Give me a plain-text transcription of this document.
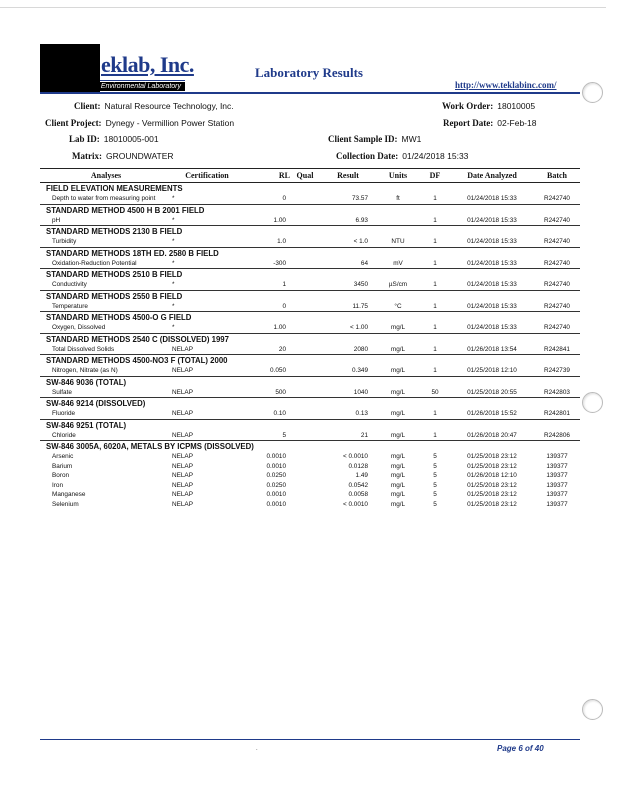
eklab, Inc.
Environmental Laboratory
Laboratory Results
http://www.teklabinc.com/
Client: Natural Resource Technology, Inc.
Client Project: Dynegy - Vermillion Power Station
Lab ID: 18010005-001
Matrix: GROUNDWATER
Work Order: 18010005
Report Date: 02-Feb-18
Client Sample ID: MW1
Collection Date: 01/24/2018 15:33
Analyses	Certification	RL	Qual	Result	Units	DF	Date Analyzed	Batch
FIELD ELEVATION MEASUREMENTS								
Depth to water from measuring point	*	0		73.57	ft	1	01/24/2018 15:33	R242740
STANDARD METHOD 4500 H B 2001 FIELD								
pH	*	1.00		6.93		1	01/24/2018 15:33	R242740
STANDARD METHODS 2130 B FIELD								
Turbidity	*	1.0		< 1.0	NTU	1	01/24/2018 15:33	R242740
STANDARD METHODS 18TH ED. 2580 B FIELD								
Oxidation-Reduction Potential	*	-300		64	mV	1	01/24/2018 15:33	R242740
STANDARD METHODS 2510 B FIELD								
Conductivity	*	1		3450	µS/cm	1	01/24/2018 15:33	R242740
STANDARD METHODS 2550 B FIELD								
Temperature	*	0		11.75	°C	1	01/24/2018 15:33	R242740
STANDARD METHODS 4500-O G FIELD								
Oxygen, Dissolved	*	1.00		< 1.00	mg/L	1	01/24/2018 15:33	R242740
STANDARD METHODS 2540 C (DISSOLVED) 1997								
Total Dissolved Solids	NELAP	20		2080	mg/L	1	01/26/2018 13:54	R242841
STANDARD METHODS 4500-NO3 F (TOTAL) 2000								
Nitrogen, Nitrate (as N)	NELAP	0.050		0.349	mg/L	1	01/25/2018 12:10	R242739
SW-846 9036 (TOTAL)								
Sulfate	NELAP	500		1040	mg/L	50	01/25/2018 20:55	R242803
SW-846 9214 (DISSOLVED)								
Fluoride	NELAP	0.10		0.13	mg/L	1	01/26/2018 15:52	R242801
SW-846 9251 (TOTAL)								
Chloride	NELAP	5		21	mg/L	1	01/26/2018 20:47	R242806
SW-846 3005A, 6020A, METALS BY ICPMS (DISSOLVED)								
Arsenic	NELAP	0.0010		< 0.0010	mg/L	5	01/25/2018 23:12	139377
Barium	NELAP	0.0010		0.0128	mg/L	5	01/25/2018 23:12	139377
Boron	NELAP	0.0250		1.49	mg/L	5	01/26/2018 12:10	139377
Iron	NELAP	0.0250		0.0542	mg/L	5	01/25/2018 23:12	139377
Manganese	NELAP	0.0010		0.0058	mg/L	5	01/25/2018 23:12	139377
Selenium	NELAP	0.0010		< 0.0010	mg/L	5	01/25/2018 23:12	139377
.	Page 6 of 40
